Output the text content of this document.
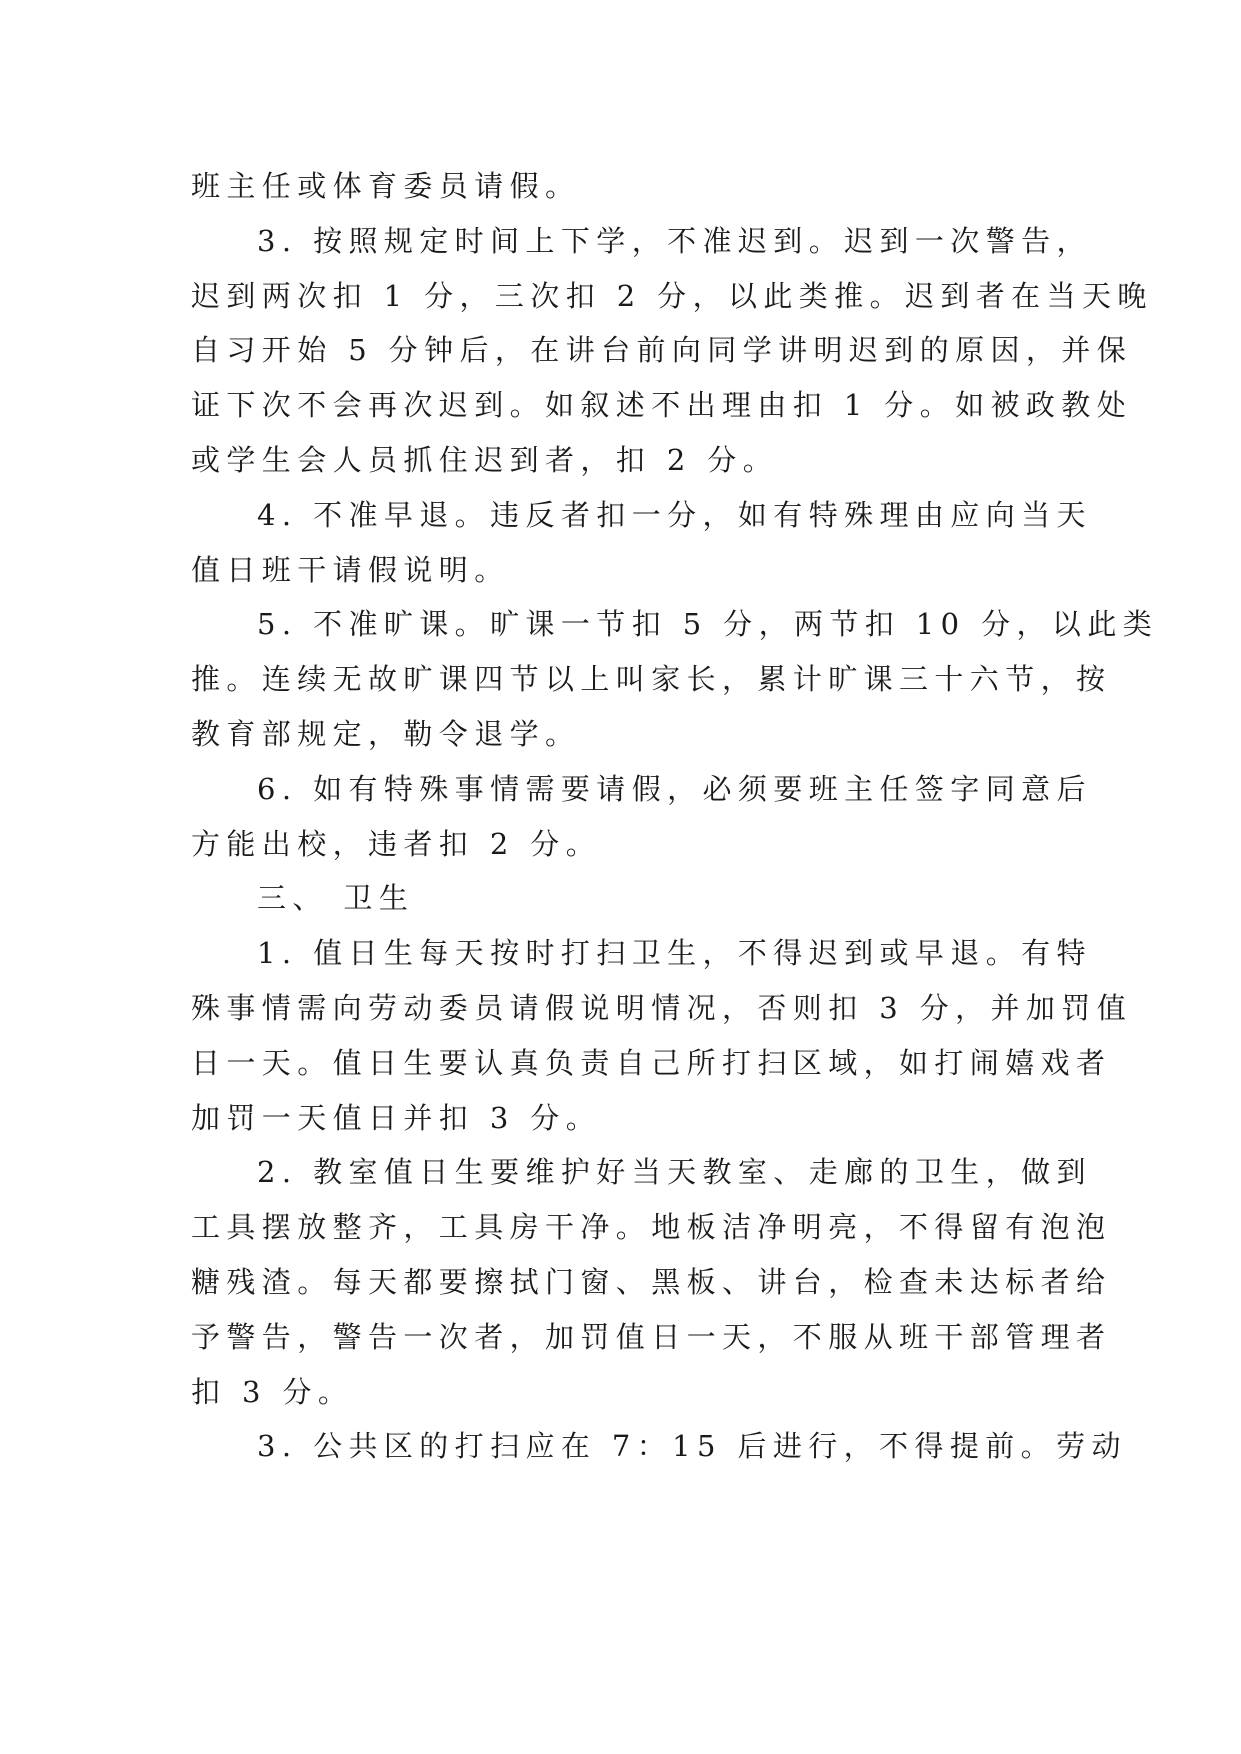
班主任或体育委员请假。
3. 按照规定时间上下学，不准迟到。迟到一次警告，
迟到两次扣 1 分，三次扣 2 分，以此类推。迟到者在当天晚
自习开始 5 分钟后，在讲台前向同学讲明迟到的原因，并保
证下次不会再次迟到。如叙述不出理由扣 1 分。如被政教处
或学生会人员抓住迟到者，扣 2 分。
4. 不准早退。违反者扣一分，如有特殊理由应向当天
值日班干请假说明。
5. 不准旷课。旷课一节扣 5 分，两节扣 10 分，以此类
推。连续无故旷课四节以上叫家长，累计旷课三十六节，按
教育部规定，勒令退学。
6. 如有特殊事情需要请假，必须要班主任签字同意后
方能出校，违者扣 2 分。
三、 卫生
1. 值日生每天按时打扫卫生，不得迟到或早退。有特
殊事情需向劳动委员请假说明情况，否则扣 3 分，并加罚值
日一天。值日生要认真负责自己所打扫区域，如打闹嬉戏者
加罚一天值日并扣 3 分。
2. 教室值日生要维护好当天教室、走廊的卫生，做到
工具摆放整齐，工具房干净。地板洁净明亮，不得留有泡泡
糖残渣。每天都要擦拭门窗、黑板、讲台，检查未达标者给
予警告，警告一次者，加罚值日一天，不服从班干部管理者
扣 3 分。
3. 公共区的打扫应在 7：15 后进行，不得提前。劳动
